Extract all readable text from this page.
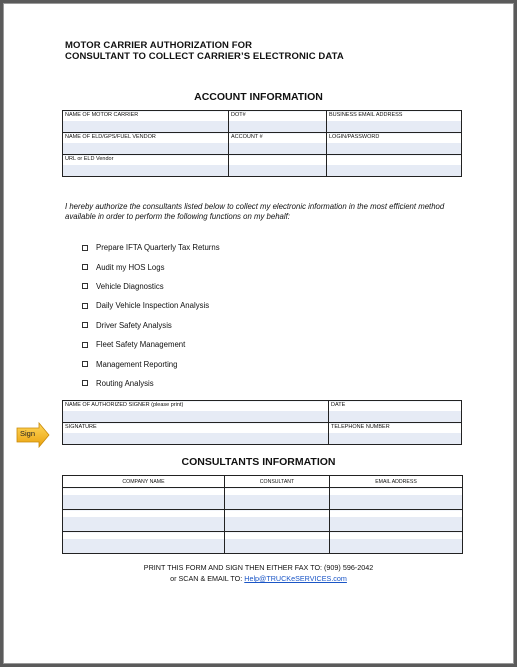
MOTOR CARRIER AUTHORIZATION FOR
CONSULTANT TO COLLECT CARRIER’S ELECTRONIC DATA
ACCOUNT INFORMATION
NAME OF MOTOR CARRIER	DOT#	BUSINESS EMAIL ADDRESS
NAME OF ELD/GPS/FUEL VENDOR	ACCOUNT #	LOGIN/PASSWORD
URL or ELD Vendor		
I hereby authorize the consultants listed below to collect my electronic information in the most efficient method available in order to perform the following functions on my behalf:
Prepare IFTA Quarterly Tax Returns
Audit my HOS Logs
Vehicle Diagnostics
Daily Vehicle Inspection Analysis
Driver Safety Analysis
Fleet Safety Management
Management Reporting
Routing Analysis
NAME OF AUTHORIZED SIGNER (please print)	DATE
SIGNATURE	TELEPHONE NUMBER
Sign
CONSULTANTS INFORMATION
COMPANY NAME	CONSULTANT	EMAIL ADDRESS

PRINT THIS FORM AND SIGN THEN EITHER FAX TO: (909) 596-2042
or SCAN & EMAIL TO: Help@TRUCKeSERVICES.com
